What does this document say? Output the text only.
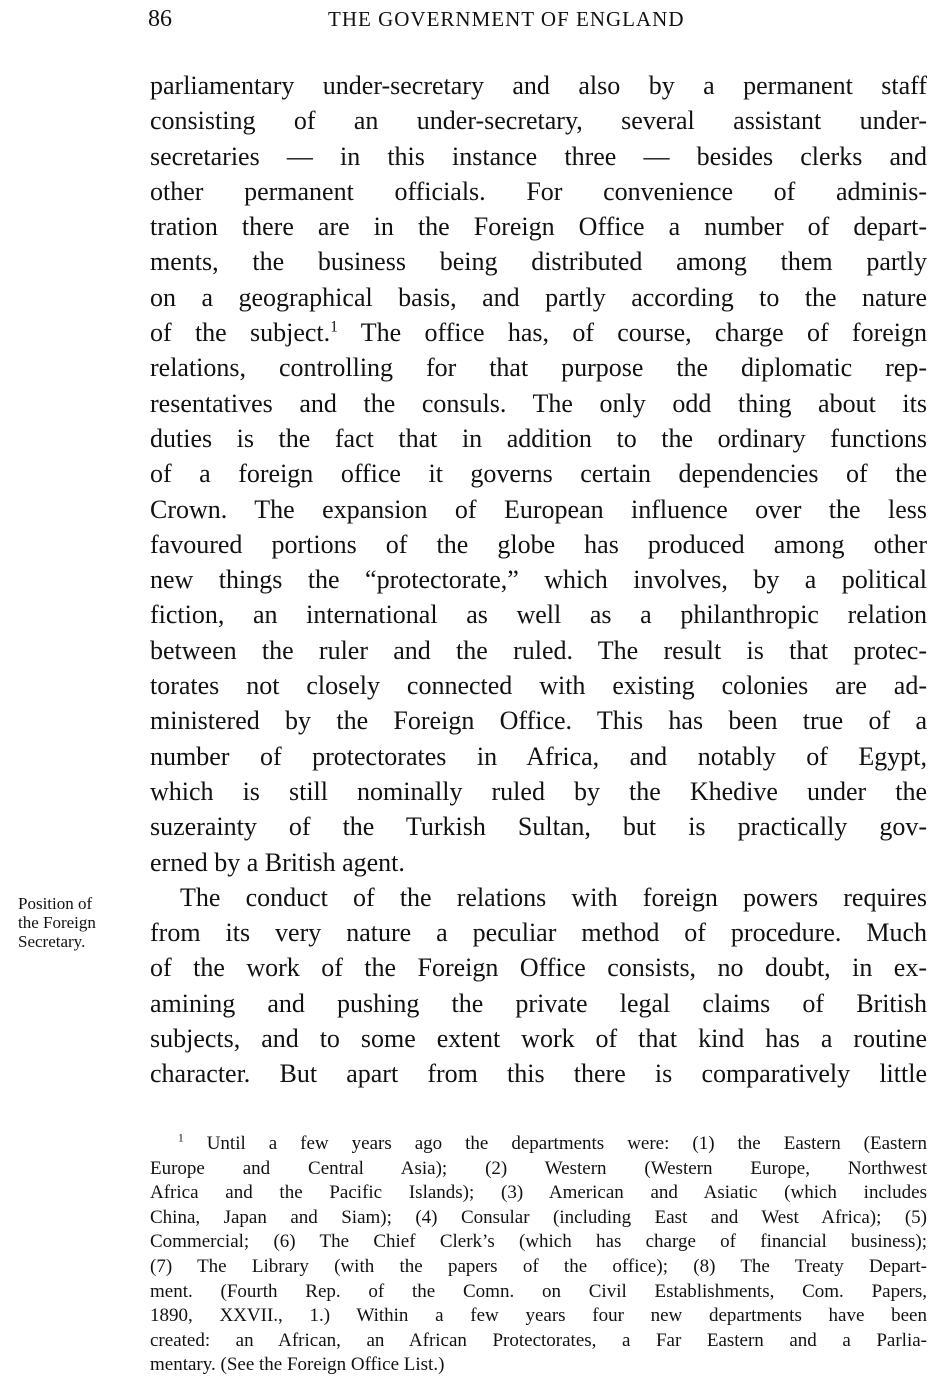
86	THE GOVERNMENT OF ENGLAND
Position of
the Foreign
Secretary.
parliamentary under-secretary and also by a permanent staff
consisting of an under-secretary, several assistant under-
secretaries — in this instance three — besides clerks and
other permanent officials. For convenience of adminis-
tration there are in the Foreign Office a number of depart-
ments, the business being distributed among them partly
on a geographical basis, and partly according to the nature
of the subject.$^1$ The office has, of course, charge of foreign
relations, controlling for that purpose the diplomatic rep-
resentatives and the consuls. The only odd thing about its
duties is the fact that in addition to the ordinary functions
of a foreign office it governs certain dependencies of the
Crown. The expansion of European influence over the less
favoured portions of the globe has produced among other
new things the “protectorate,” which involves, by a political
fiction, an international as well as a philanthropic relation
between the ruler and the ruled. The result is that protec-
torates not closely connected with existing colonies are ad-
ministered by the Foreign Office. This has been true of a
number of protectorates in Africa, and notably of Egypt,
which is still nominally ruled by the Khedive under the
suzerainty of the Turkish Sultan, but is practically gov-
erned by a British agent.
The conduct of the relations with foreign powers requires
from its very nature a peculiar method of procedure. Much
of the work of the Foreign Office consists, no doubt, in ex-
amining and pushing the private legal claims of British
subjects, and to some extent work of that kind has a routine
character. But apart from this there is comparatively little
$^1$ Until a few years ago the departments were: (1) the Eastern (Eastern
Europe and Central Asia); (2) Western (Western Europe, Northwest
Africa and the Pacific Islands); (3) American and Asiatic (which includes
China, Japan and Siam); (4) Consular (including East and West Africa); (5)
Commercial; (6) The Chief Clerk’s (which has charge of financial business);
(7) The Library (with the papers of the office); (8) The Treaty Depart-
ment. (Fourth Rep. of the Comn. on Civil Establishments, Com. Papers,
1890, XXVII., 1.) Within a few years four new departments have been
created: an African, an African Protectorates, a Far Eastern and a Parlia-
mentary. (See the Foreign Office List.)
